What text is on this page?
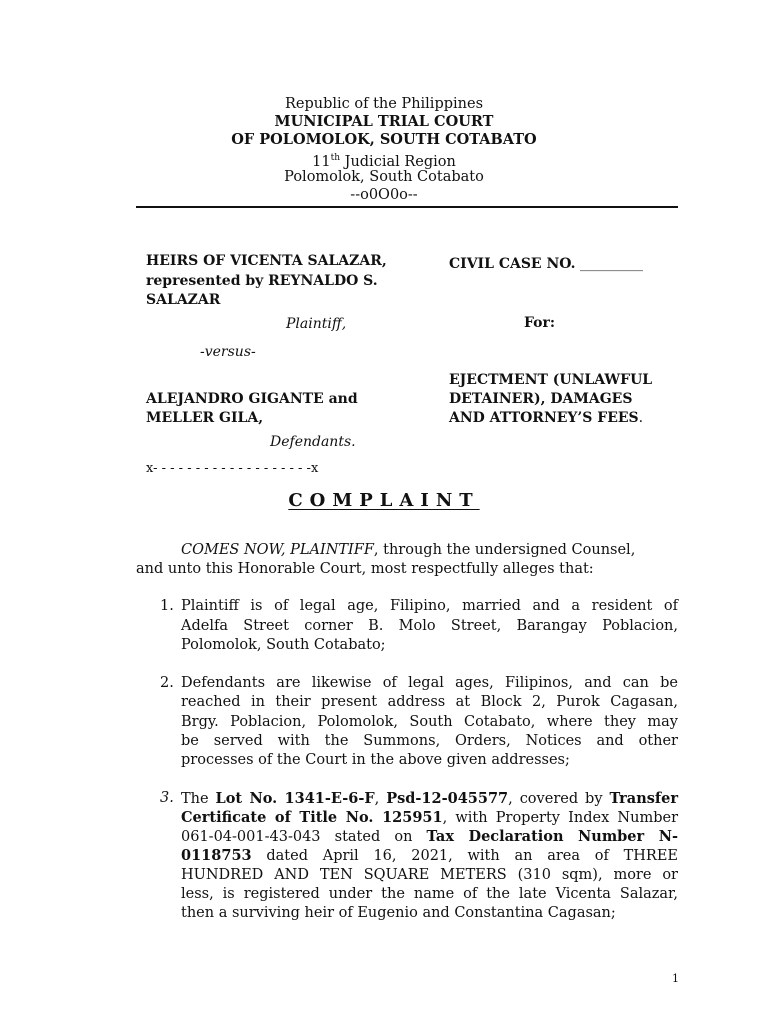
Republic of the Philippines
MUNICIPAL TRIAL COURT
OF POLOMOLOK, SOUTH COTABATO
11th Judicial Region
Polomolok, South Cotabato
--o0O0o--
HEIRS OF VICENTA SALAZAR,
represented by REYNALDO S.
SALAZAR
Plaintiff,
-versus-
ALEJANDRO GIGANTE and
MELLER GILA,
Defendants.
x- - - - - - - - - - - - - - - - - - -x
CIVIL CASE NO. _________
For:
EJECTMENT (UNLAWFUL
DETAINER), DAMAGES
AND ATTORNEY’S FEES.
COMPLAINT
COMES NOW, PLAINTIFF, through the undersigned Counsel,
and unto this Honorable Court, most respectfully alleges that:
1. Plaintiff is of legal age, Filipino, married and a resident of
Adelfa Street corner B. Molo Street, Barangay Poblacion,
Polomolok, South Cotabato;
2. Defendants are likewise of legal ages, Filipinos, and can be
reached in their present address at Block 2, Purok Cagasan,
Brgy. Poblacion, Polomolok, South Cotabato, where they may
be served with the Summons, Orders, Notices and other
processes of the Court in the above given addresses;
3. The Lot No. 1341-E-6-F, Psd-12-045577, covered by Transfer
Certificate of Title No. 125951, with Property Index Number
061-04-001-43-043 stated on Tax Declaration Number N-
0118753 dated April 16, 2021, with an area of THREE
HUNDRED AND TEN SQUARE METERS (310 sqm), more or
less, is registered under the name of the late Vicenta Salazar,
then a surviving heir of Eugenio and Constantina Cagasan;
1
